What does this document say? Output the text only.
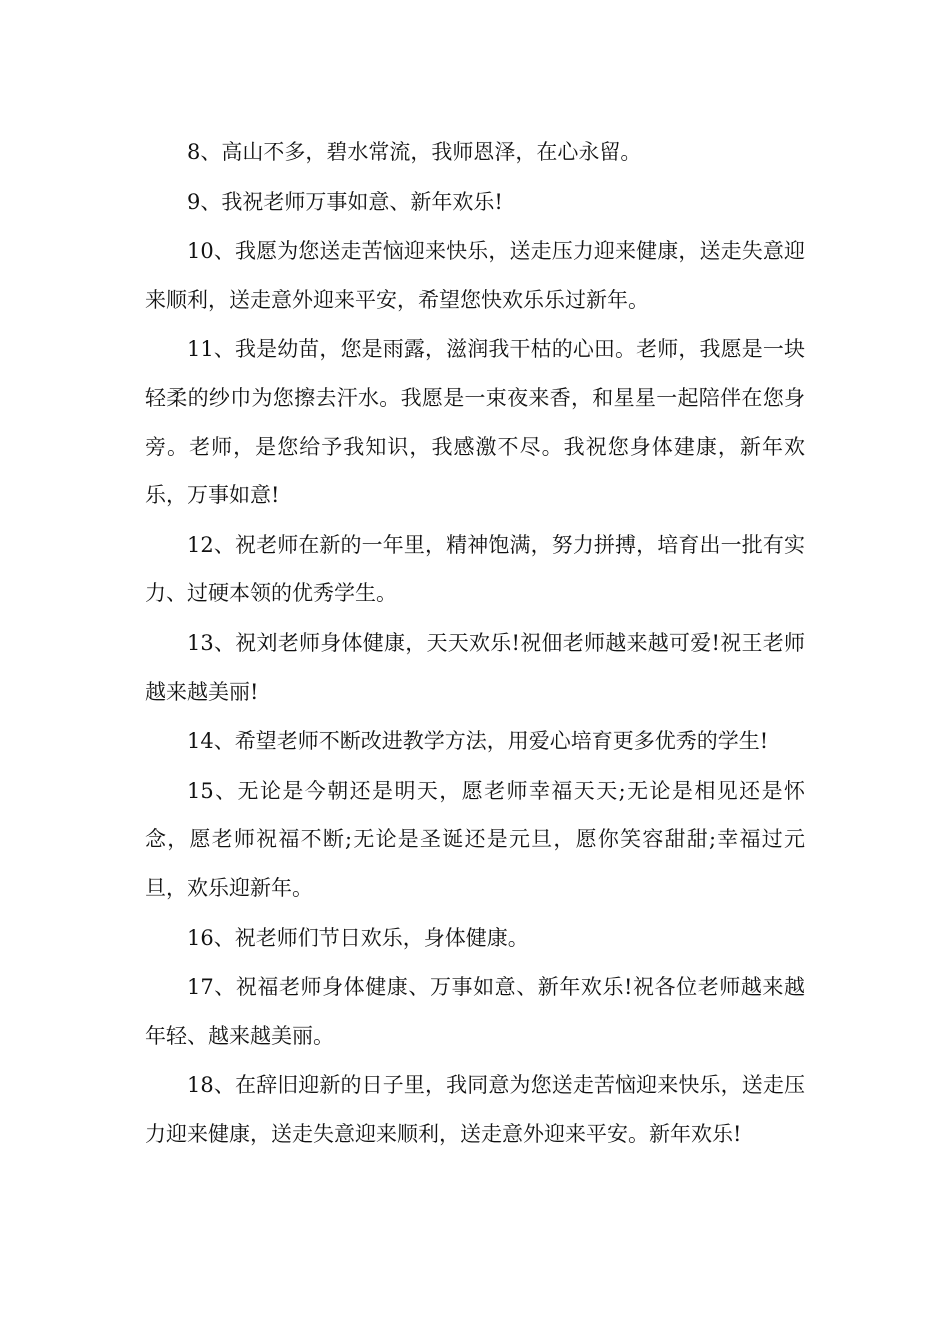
8、高山不多，碧水常流，我师恩泽，在心永留。

9、我祝老师万事如意、新年欢乐!

10、我愿为您送走苦恼迎来快乐，送走压力迎来健康，送走失意迎来顺利，送走意外迎来平安，希望您快欢乐乐过新年。

11、我是幼苗，您是雨露，滋润我干枯的心田。老师，我愿是一块轻柔的纱巾为您擦去汗水。我愿是一束夜来香，和星星一起陪伴在您身旁。老师，是您给予我知识，我感激不尽。我祝您身体建康，新年欢乐，万事如意!

12、祝老师在新的一年里，精神饱满，努力拼搏，培育出一批有实力、过硬本领的优秀学生。

13、祝刘老师身体健康，天天欢乐!祝佃老师越来越可爱!祝王老师越来越美丽!

14、希望老师不断改进教学方法，用爱心培育更多优秀的学生!

15、无论是今朝还是明天，愿老师幸福天天;无论是相见还是怀念，愿老师祝福不断;无论是圣诞还是元旦，愿你笑容甜甜;幸福过元旦，欢乐迎新年。

16、祝老师们节日欢乐，身体健康。

17、祝福老师身体健康、万事如意、新年欢乐!祝各位老师越来越年轻、越来越美丽。

18、在辞旧迎新的日子里，我同意为您送走苦恼迎来快乐，送走压力迎来健康，送走失意迎来顺利，送走意外迎来平安。新年欢乐!
